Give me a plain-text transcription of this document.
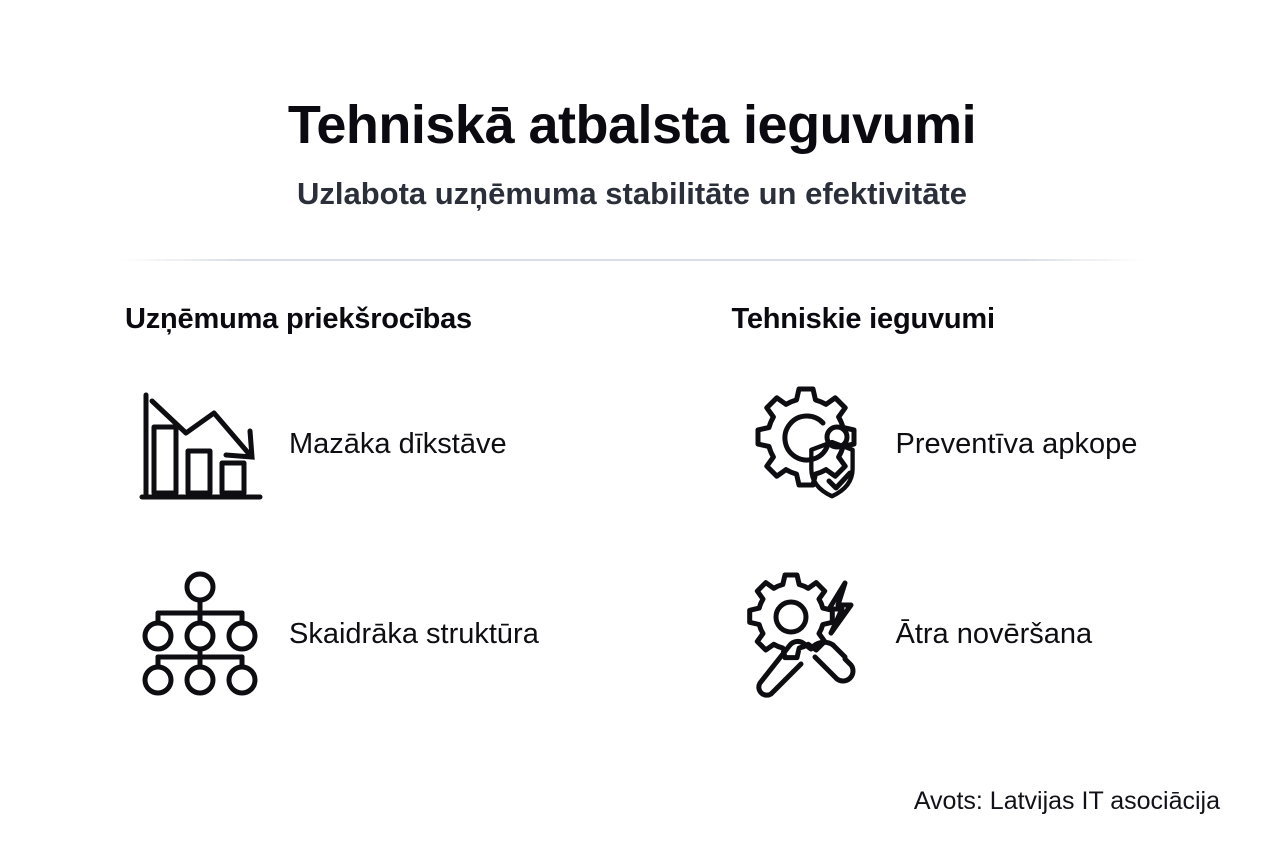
Tehniskā atbalsta ieguvumi
Uzlabota uzņēmuma stabilitāte un efektivitāte
Uzņēmuma priekšrocības
Mazāka dīkstāve
Skaidrāka struktūra
Tehniskie ieguvumi
Preventīva apkope
Ātra novēršana
Avots: Latvijas IT asociācija
